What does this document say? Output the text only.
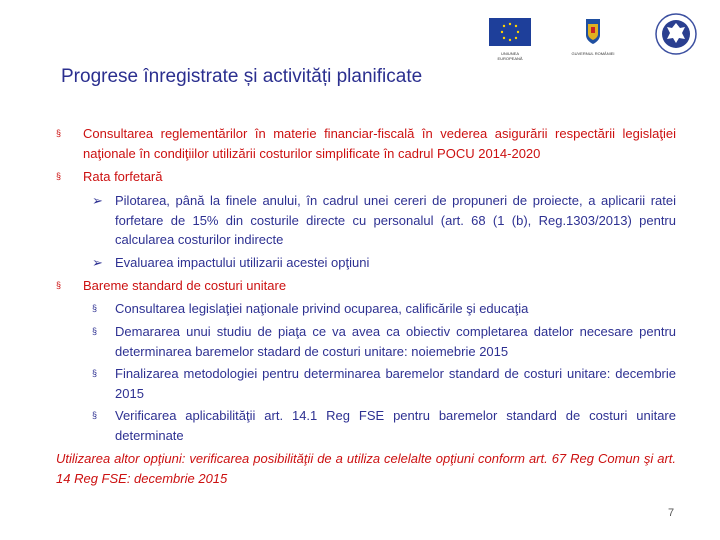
UNIUNEA EUROPEANĂ
GUVERNUL ROMÂNIEI
Progrese înregistrate și activități planificate
§ Consultarea reglementărilor în materie financiar-fiscală în vederea asigurării respectării legislaţiei naţionale în condiţiilor utilizării costurilor simplificate în cadrul POCU 2014-2020
§ Rata forfetară
➢ Pilotarea, până la finele anului, în cadrul unei cereri de propuneri de proiecte, a aplicarii ratei forfetare de 15% din costurile directe cu personalul (art. 68 (1 (b), Reg.1303/2013) pentru calcularea costurilor indirecte
➢ Evaluarea impactului utilizarii acestei opţiuni
§ Bareme standard de costuri unitare
§ Consultarea legislaţiei naţionale privind ocuparea, calificările şi educaţia
§ Demararea unui studiu de piaţa ce va avea ca obiectiv completarea datelor necesare pentru determinarea baremelor stadard de costuri unitare: noiemebrie 2015
§ Finalizarea metodologiei pentru determinarea baremelor standard de costuri unitare: decembrie 2015
§ Verificarea aplicabilităţii art. 14.1 Reg FSE pentru baremelor standard de costuri unitare determinate
Utilizarea altor opţiuni: verificarea posibilităţii de a utiliza celelalte opţiuni conform art. 67 Reg Comun şi art. 14 Reg FSE: decembrie 2015
7
